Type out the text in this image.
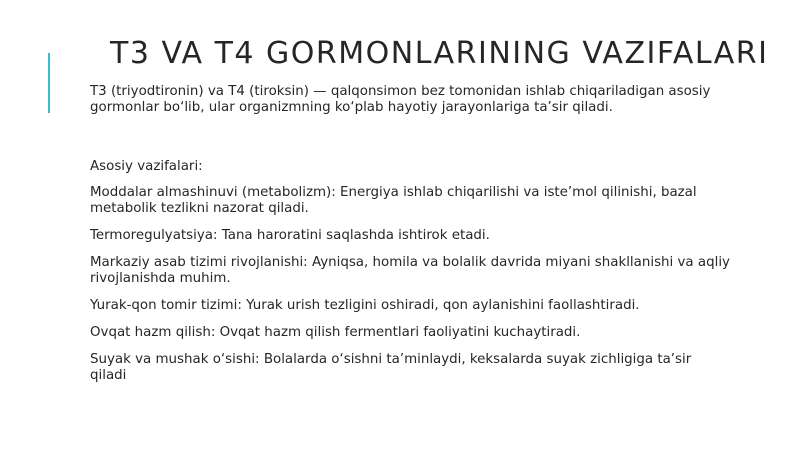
T3 VA T4 GORMONLARINING VAZIFALARI

T3 (triyodtironin) va T4 (tiroksin) — qalqonsimon bez tomonidan ishlab chiqariladigan asosiy gormonlar bo‘lib, ular organizmning ko‘plab hayotiy jarayonlariga ta’sir qiladi.

Asosiy vazifalari:

Moddalar almashinuvi (metabolizm): Energiya ishlab chiqarilishi va iste’mol qilinishi, bazal metabolik tezlikni nazorat qiladi.

Termoregulyatsiya: Tana haroratini saqlashda ishtirok etadi.

Markaziy asab tizimi rivojlanishi: Ayniqsa, homila va bolalik davrida miyani shakllanishi va aqliy rivojlanishda muhim.

Yurak-qon tomir tizimi: Yurak urish tezligini oshiradi, qon aylanishini faollashtiradi.

Ovqat hazm qilish: Ovqat hazm qilish fermentlari faoliyatini kuchaytiradi.

Suyak va mushak o‘sishi: Bolalarda o‘sishni ta’minlaydi, keksalarda suyak zichligiga ta’sir qiladi
